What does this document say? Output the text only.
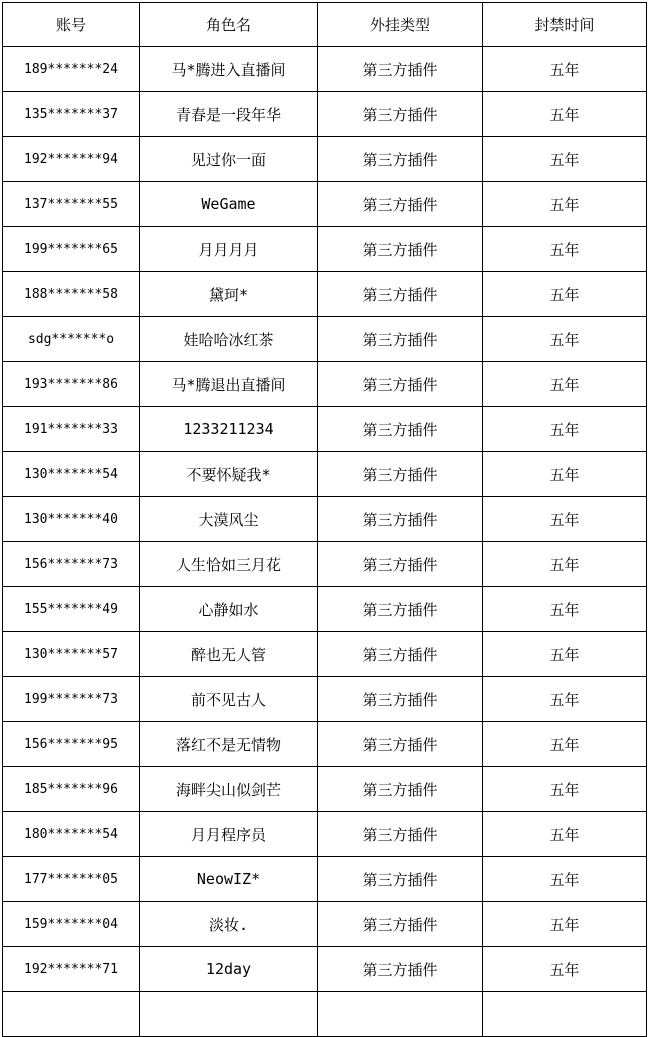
账号	角色名	外挂类型	封禁时间
189*******24	马*腾进入直播间	第三方插件	五年
135*******37	青春是一段年华	第三方插件	五年
192*******94	见过你一面	第三方插件	五年
137*******55	WeGame	第三方插件	五年
199*******65	月月月月	第三方插件	五年
188*******58	黛珂*	第三方插件	五年
sdg*******o	娃哈哈冰红茶	第三方插件	五年
193*******86	马*腾退出直播间	第三方插件	五年
191*******33	1233211234	第三方插件	五年
130*******54	不要怀疑我*	第三方插件	五年
130*******40	大漠风尘	第三方插件	五年
156*******73	人生恰如三月花	第三方插件	五年
155*******49	心静如水	第三方插件	五年
130*******57	醉也无人管	第三方插件	五年
199*******73	前不见古人	第三方插件	五年
156*******95	落红不是无情物	第三方插件	五年
185*******96	海畔尖山似剑芒	第三方插件	五年
180*******54	月月程序员	第三方插件	五年
177*******05	NeowIZ*	第三方插件	五年
159*******04	淡妆.	第三方插件	五年
192*******71	12day	第三方插件	五年
